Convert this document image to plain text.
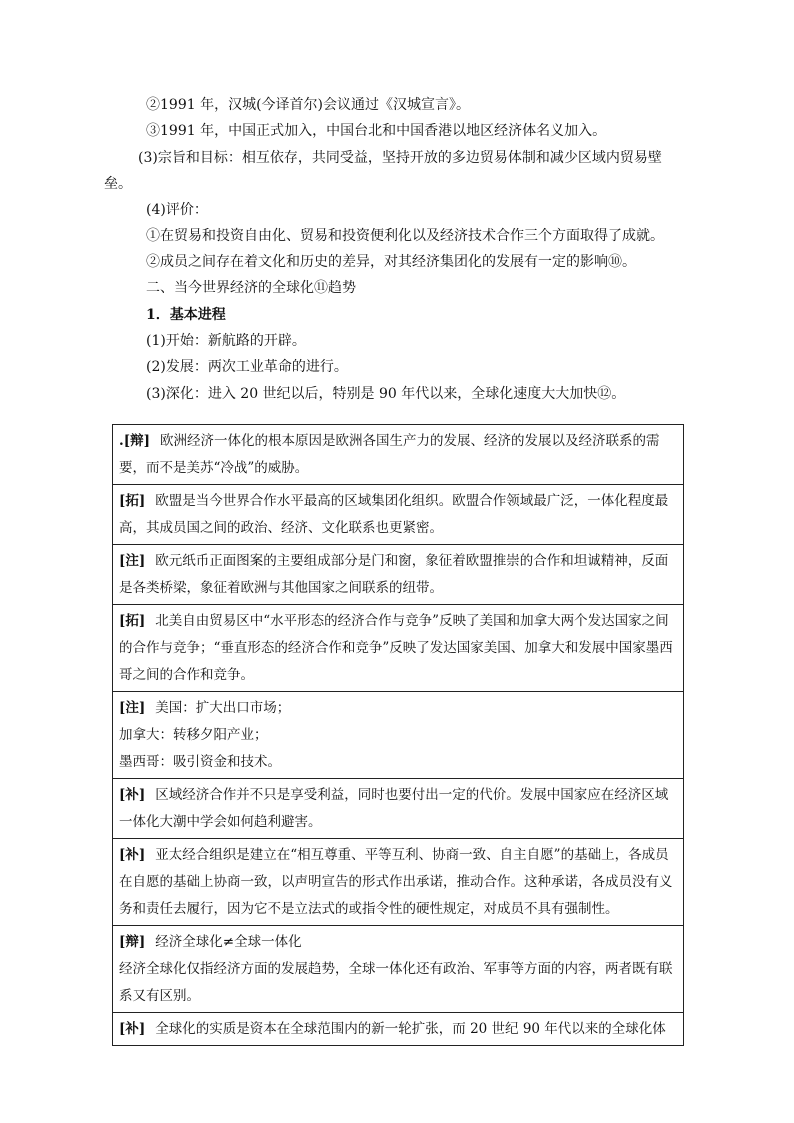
②1991 年，汉城(今译首尔)会议通过《汉城宣言》。
③1991 年，中国正式加入，中国台北和中国香港以地区经济体名义加入。
(3)宗旨和目标：相互依存，共同受益，坚持开放的多边贸易体制和减少区域内贸易壁垒。
(4)评价：
①在贸易和投资自由化、贸易和投资便利化以及经济技术合作三个方面取得了成就。
②成员之间存在着文化和历史的差异，对其经济集团化的发展有一定的影响⑩。
二、当今世界经济的全球化⑪趋势
1．基本进程
(1)开始：新航路的开辟。
(2)发展：两次工业革命的进行。
(3)深化：进入 20 世纪以后，特别是 90 年代以来，全球化速度大大加快⑫。
.[辩] 欧洲经济一体化的根本原因是欧洲各国生产力的发展、经济的发展以及经济联系的需要，而不是美苏“冷战”的威胁。
[拓] 欧盟是当今世界合作水平最高的区域集团化组织。欧盟合作领域最广泛，一体化程度最高，其成员国之间的政治、经济、文化联系也更紧密。
[注] 欧元纸币正面图案的主要组成部分是门和窗，象征着欧盟推崇的合作和坦诚精神，反面是各类桥梁，象征着欧洲与其他国家之间联系的纽带。
[拓] 北美自由贸易区中“水平形态的经济合作与竞争”反映了美国和加拿大两个发达国家之间的合作与竞争；“垂直形态的经济合作和竞争”反映了发达国家美国、加拿大和发展中国家墨西哥之间的合作和竞争。

[注] 美国：扩大出口市场；
加拿大：转移夕阳产业；
墨西哥：吸引资金和技术。

[补] 区域经济合作并不只是享受利益，同时也要付出一定的代价。发展中国家应在经济区域一体化大潮中学会如何趋利避害。
[补] 亚太经合组织是建立在“相互尊重、平等互利、协商一致、自主自愿”的基础上，各成员在自愿的基础上协商一致，以声明宣告的形式作出承诺，推动合作。这种承诺，各成员没有义务和责任去履行，因为它不是立法式的或指令性的硬性规定，对成员不具有强制性。

[辩] 经济全球化≠全球一体化
经济全球化仅指经济方面的发展趋势，全球一体化还有政治、军事等方面的内容，两者既有联系又有区别。

[补] 全球化的实质是资本在全球范围内的新一轮扩张，而 20 世纪 90 年代以来的全球化体
